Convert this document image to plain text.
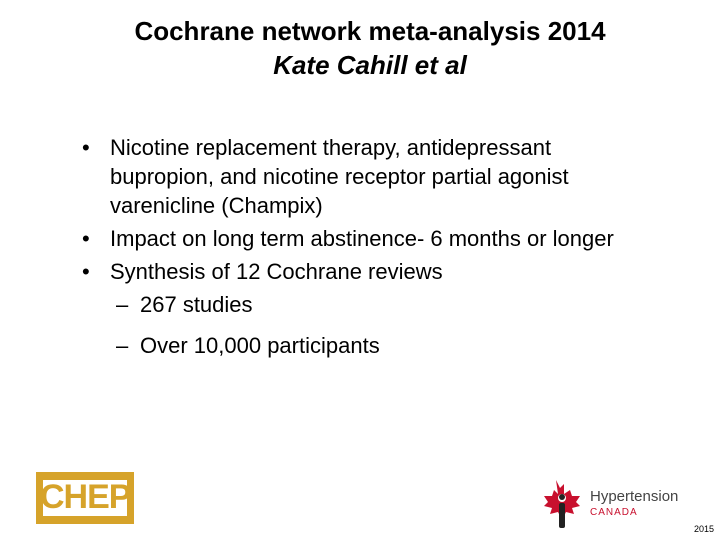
Cochrane network meta-analysis 2014
Kate Cahill et al
• Nicotine replacement therapy, antidepressant bupropion, and nicotine receptor partial agonist varenicline (Champix)
• Impact on long term abstinence- 6 months or longer
• Synthesis of 12 Cochrane reviews
– 267 studies
– Over 10,000 participants
CHEP	Hypertension
CANADA
2015
